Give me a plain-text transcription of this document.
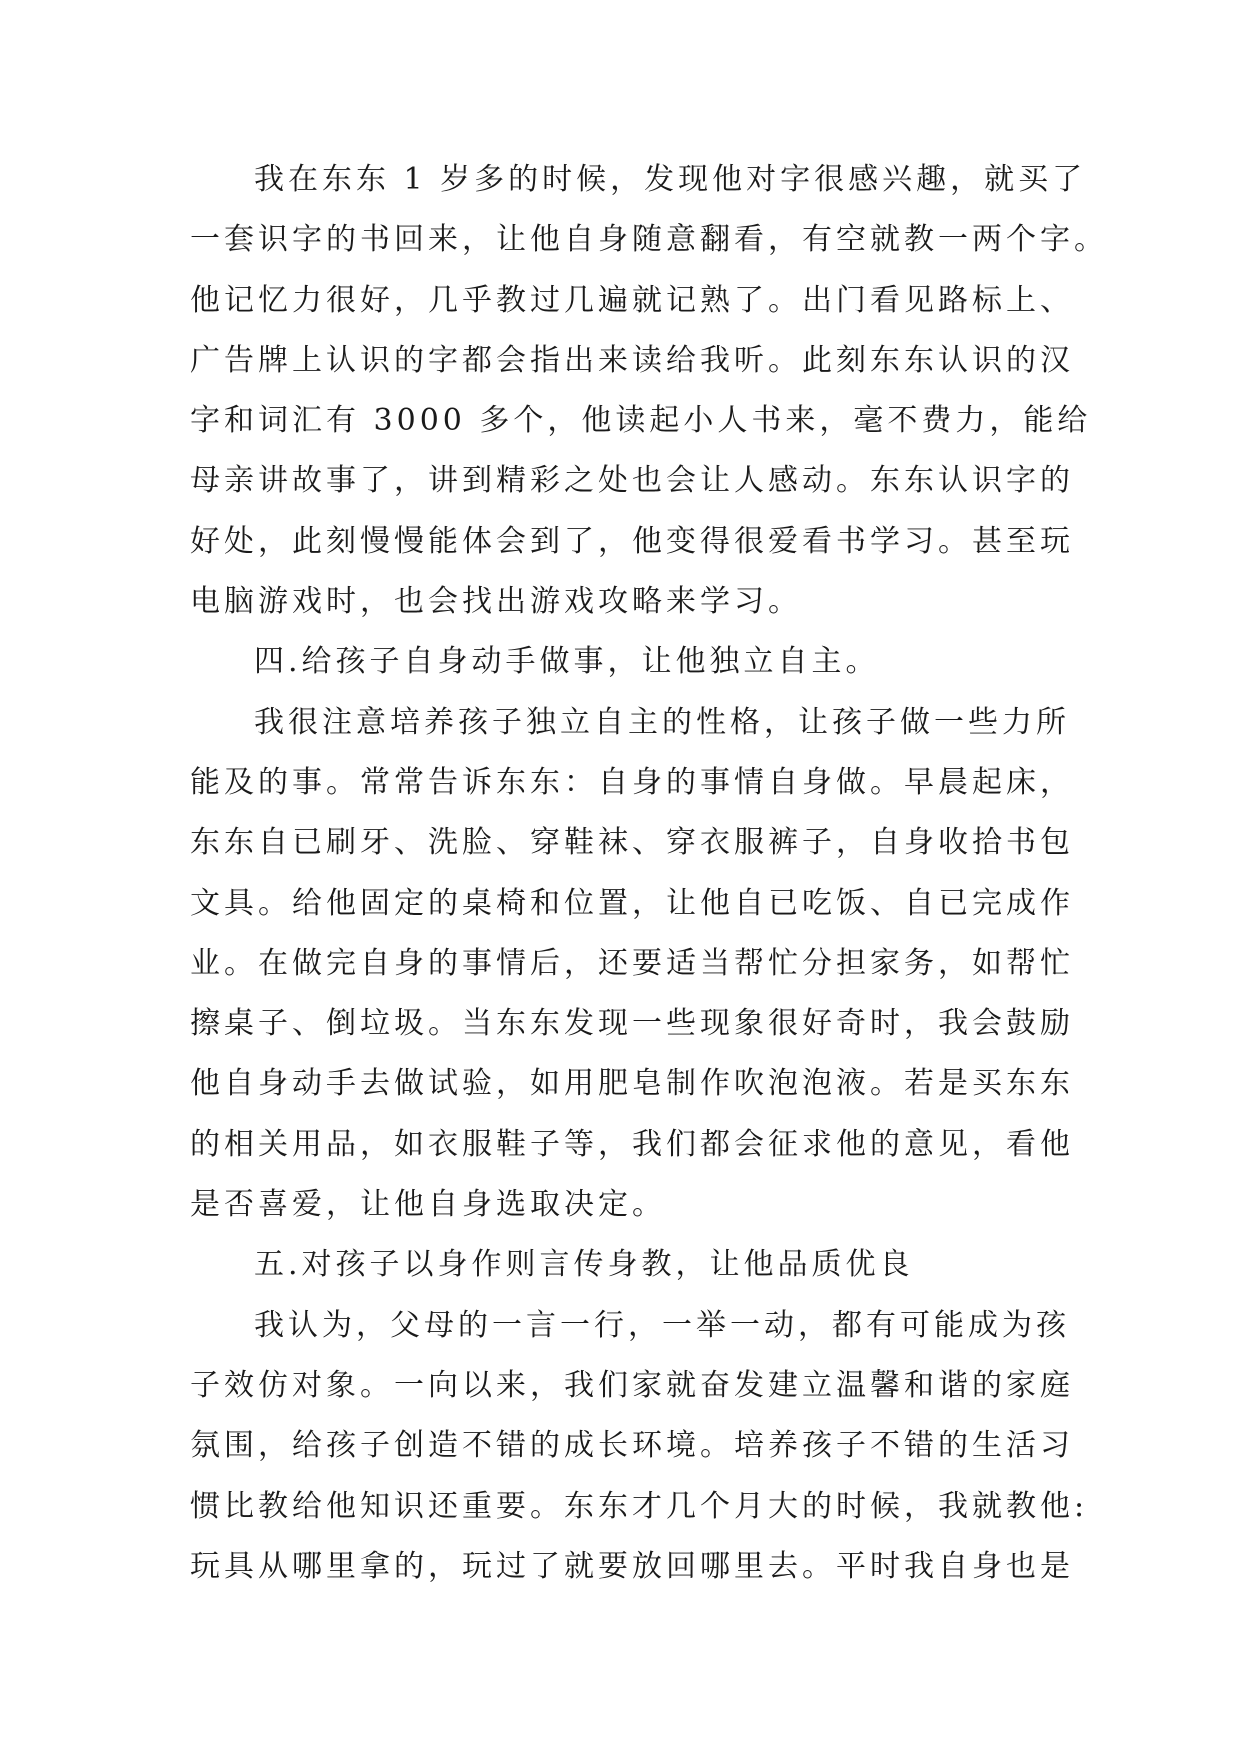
我在东东 1 岁多的时候，发现他对字很感兴趣，就买了
一套识字的书回来，让他自身随意翻看，有空就教一两个字。
他记忆力很好，几乎教过几遍就记熟了。出门看见路标上、
广告牌上认识的字都会指出来读给我听。此刻东东认识的汉
字和词汇有 3000 多个，他读起小人书来，毫不费力，能给
母亲讲故事了，讲到精彩之处也会让人感动。东东认识字的
好处，此刻慢慢能体会到了，他变得很爱看书学习。甚至玩
电脑游戏时，也会找出游戏攻略来学习。
四.给孩子自身动手做事，让他独立自主。
我很注意培养孩子独立自主的性格，让孩子做一些力所
能及的事。常常告诉东东：自身的事情自身做。早晨起床，
东东自已刷牙、洗脸、穿鞋袜、穿衣服裤子，自身收拾书包
文具。给他固定的桌椅和位置，让他自已吃饭、自已完成作
业。在做完自身的事情后，还要适当帮忙分担家务，如帮忙
擦桌子、倒垃圾。当东东发现一些现象很好奇时，我会鼓励
他自身动手去做试验，如用肥皂制作吹泡泡液。若是买东东
的相关用品，如衣服鞋子等，我们都会征求他的意见，看他
是否喜爱，让他自身选取决定。
五.对孩子以身作则言传身教，让他品质优良
我认为，父母的一言一行，一举一动，都有可能成为孩
子效仿对象。一向以来，我们家就奋发建立温馨和谐的家庭
氛围，给孩子创造不错的成长环境。培养孩子不错的生活习
惯比教给他知识还重要。东东才几个月大的时候，我就教他:
玩具从哪里拿的，玩过了就要放回哪里去。平时我自身也是
